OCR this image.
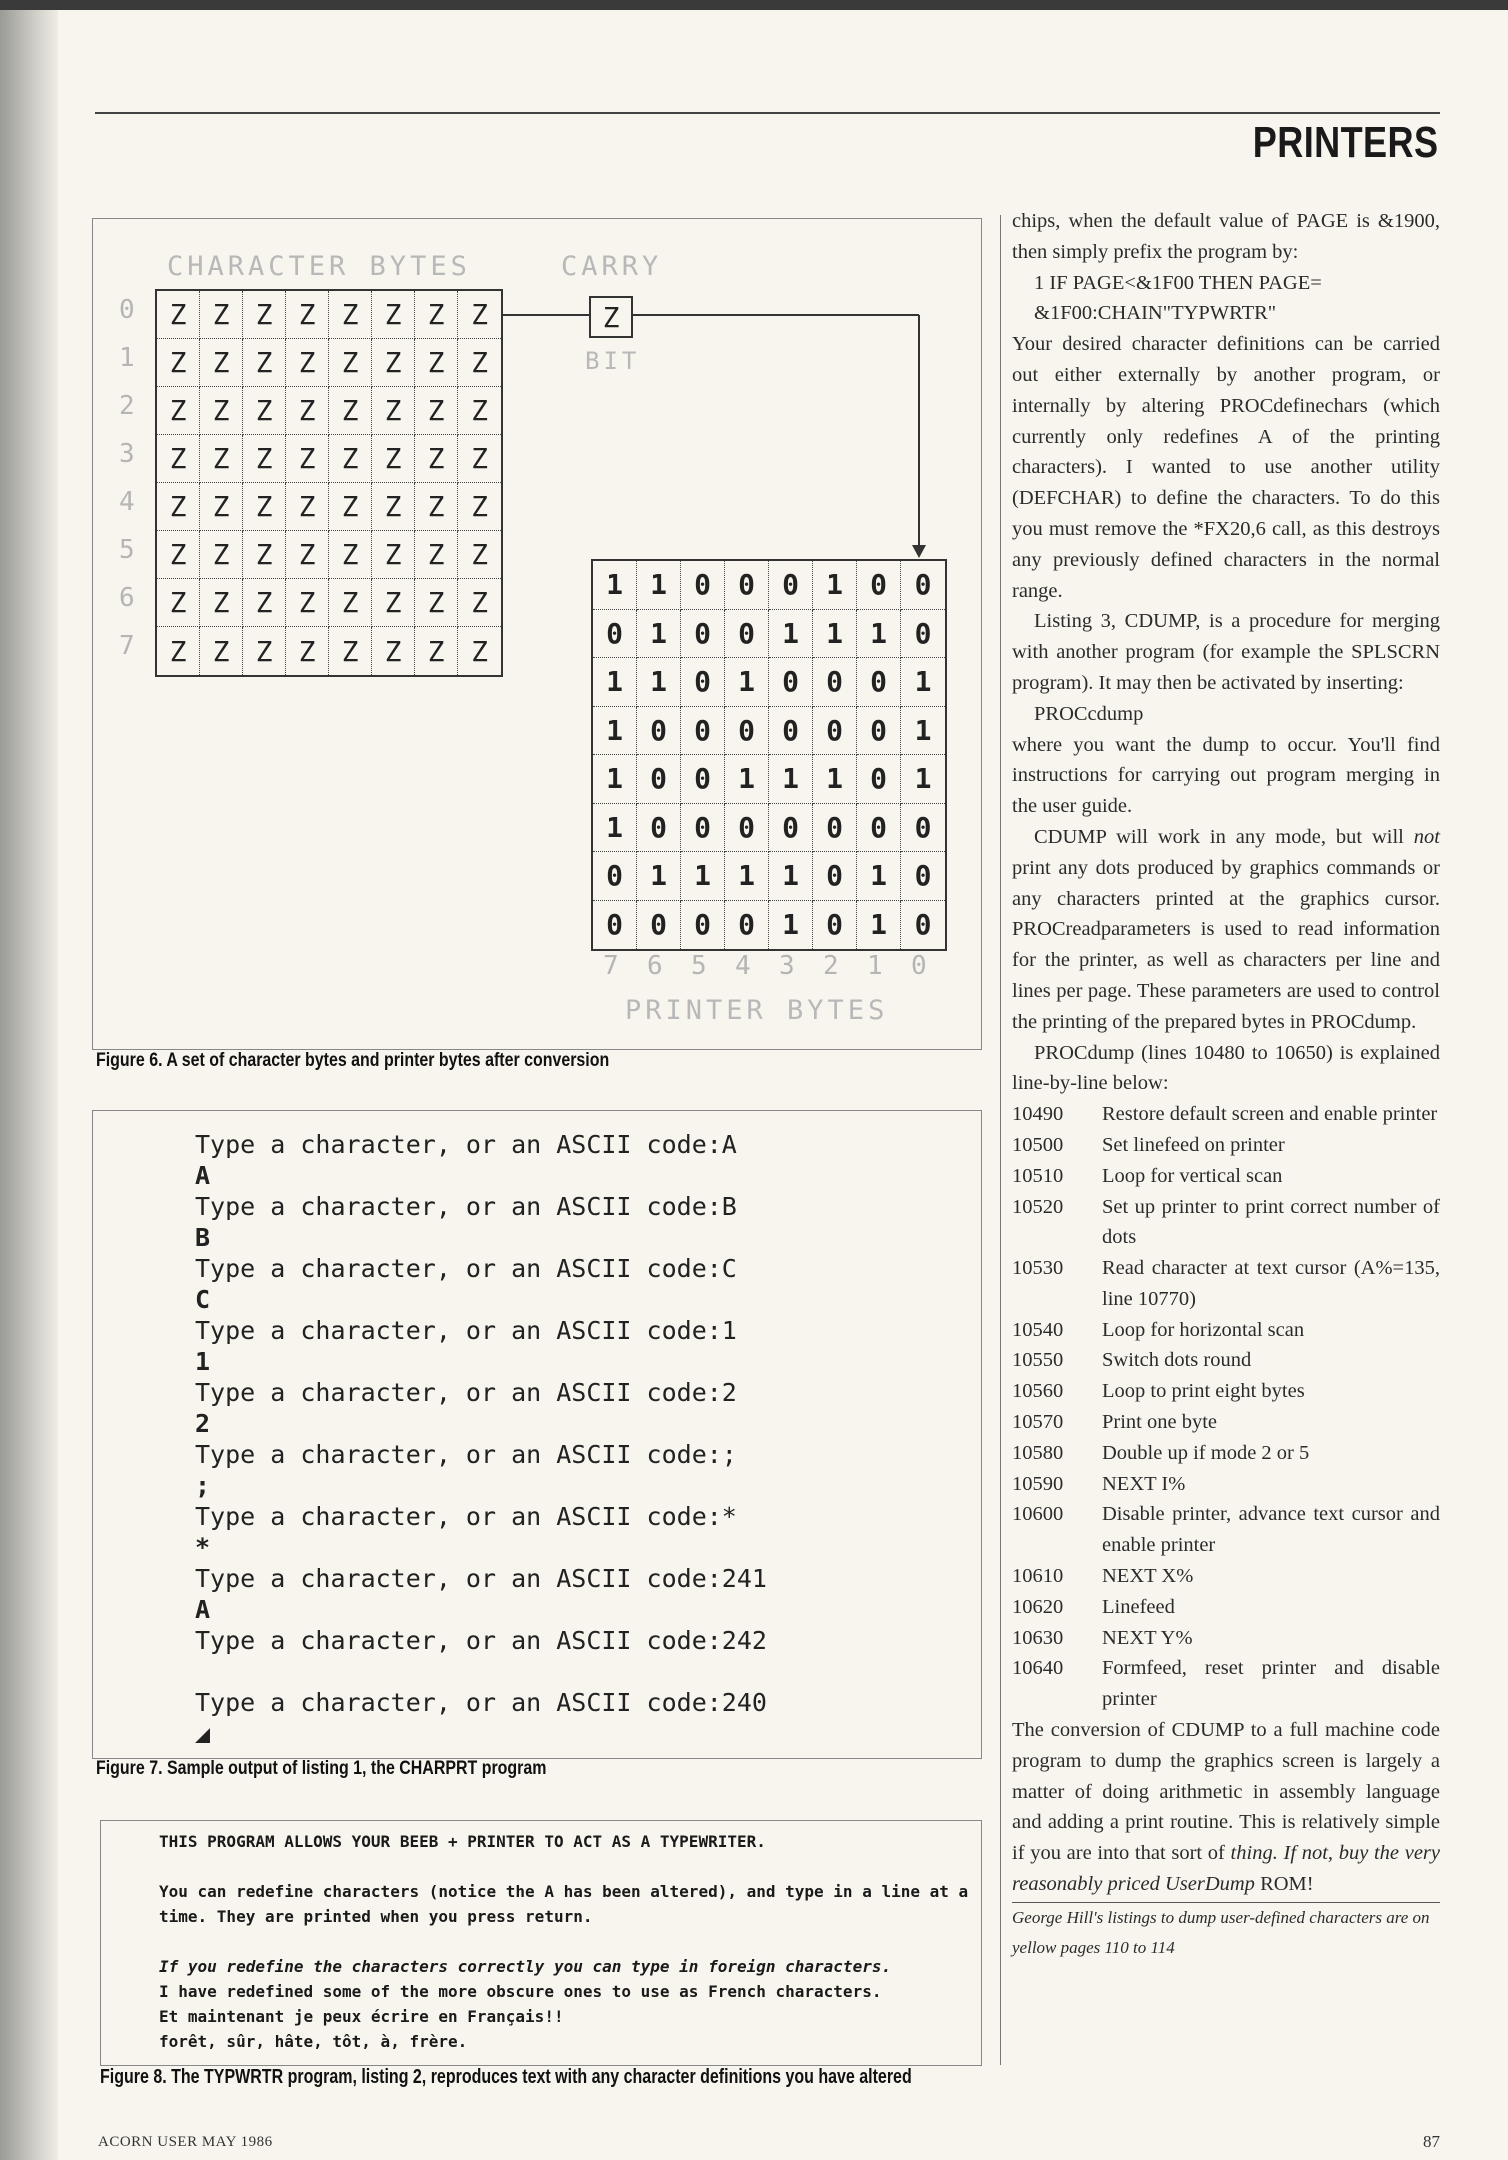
PRINTERS
CHARACTER BYTES	CARRY
BIT
0
1
2
3
4
5
6
7
Z Z Z Z Z Z Z Z
Z Z Z Z Z Z Z Z
Z Z Z Z Z Z Z Z
Z Z Z Z Z Z Z Z
Z Z Z Z Z Z Z Z
Z Z Z Z Z Z Z Z
Z Z Z Z Z Z Z Z
Z Z Z Z Z Z Z Z
Z
1 1 0 0 0 1 0 0
0 1 0 0 1 1 1 0
1 1 0 1 0 0 0 1
1 0 0 0 0 0 0 1
1 0 0 1 1 1 0 1
1 0 0 0 0 0 0 0
0 1 1 1 1 0 1 0
0 0 0 0 1 0 1 0
7 6 5 4 3 2 1 0
PRINTER BYTES
Figure 6. A set of character bytes and printer bytes after conversion
Type a character, or an ASCII code:A
A
Type a character, or an ASCII code:B
B
Type a character, or an ASCII code:C
C
Type a character, or an ASCII code:1
1
Type a character, or an ASCII code:2
2
Type a character, or an ASCII code:;
;
Type a character, or an ASCII code:*
*
Type a character, or an ASCII code:241
A
Type a character, or an ASCII code:242
Type a character, or an ASCII code:240
◢
Figure 7. Sample output of listing 1, the CHARPRT program

THIS PROGRAM ALLOWS YOUR BEEB + PRINTER TO ACT AS A TYPEWRITER.

You can redefine characters (notice the A has been altered), and type in a line at a time. They are printed when you press return.

If you redefine the characters correctly you can type in foreign characters.

I have redefined some of the more obscure ones to use as French characters.

Et maintenant je peux écrire en Français!!

forêt, sûr, hâte, tôt, à, frère.

Figure 8. The TYPWRTR program, listing 2, reproduces text with any character definitions you have altered

chips, when the default value of PAGE is &1900, then simply prefix the program by:

1 IF PAGE<&1F00 THEN PAGE=

&1F00:CHAIN"TYPWRTR"

Your desired character definitions can be carried out either externally by another program, or internally by altering PROCdefinechars (which currently only redefines A of the printing characters). I wanted to use another utility (DEFCHAR) to define the characters. To do this you must remove the *FX20,6 call, as this destroys any previously defined characters in the normal range.

Listing 3, CDUMP, is a procedure for merging with another program (for example the SPLSCRN program). It may then be activated by inserting:

PROCcdump

where you want the dump to occur. You'll find instructions for carrying out program merging in the user guide.

CDUMP will work in any mode, but will not print any dots produced by graphics commands or any characters printed at the graphics cursor. PROCreadparameters is used to read information for the printer, as well as characters per line and lines per page. These parameters are used to control the printing of the prepared bytes in PROCdump.

PROCdump (lines 10480 to 10650) is explained line-by-line below:

10490	Restore default screen and enable printer
10500	Set linefeed on printer
10510	Loop for vertical scan
10520	Set up printer to print correct number of dots
10530	Read character at text cursor (A%=135, line 10770)
10540	Loop for horizontal scan
10550	Switch dots round
10560	Loop to print eight bytes
10570	Print one byte
10580	Double up if mode 2 or 5
10590	NEXT I%
10600	Disable printer, advance text cursor and enable printer
10610	NEXT X%
10620	Linefeed
10630	NEXT Y%
10640	Formfeed, reset printer and disable printer

The conversion of CDUMP to a full machine code program to dump the graphics screen is largely a matter of doing arithmetic in assembly language and adding a print routine. This is relatively simple if you are into that sort of thing. If not, buy the very reasonably priced UserDump ROM!

George Hill's listings to dump user-defined characters are on yellow pages 110 to 114
ACORN USER MAY 1986	87
